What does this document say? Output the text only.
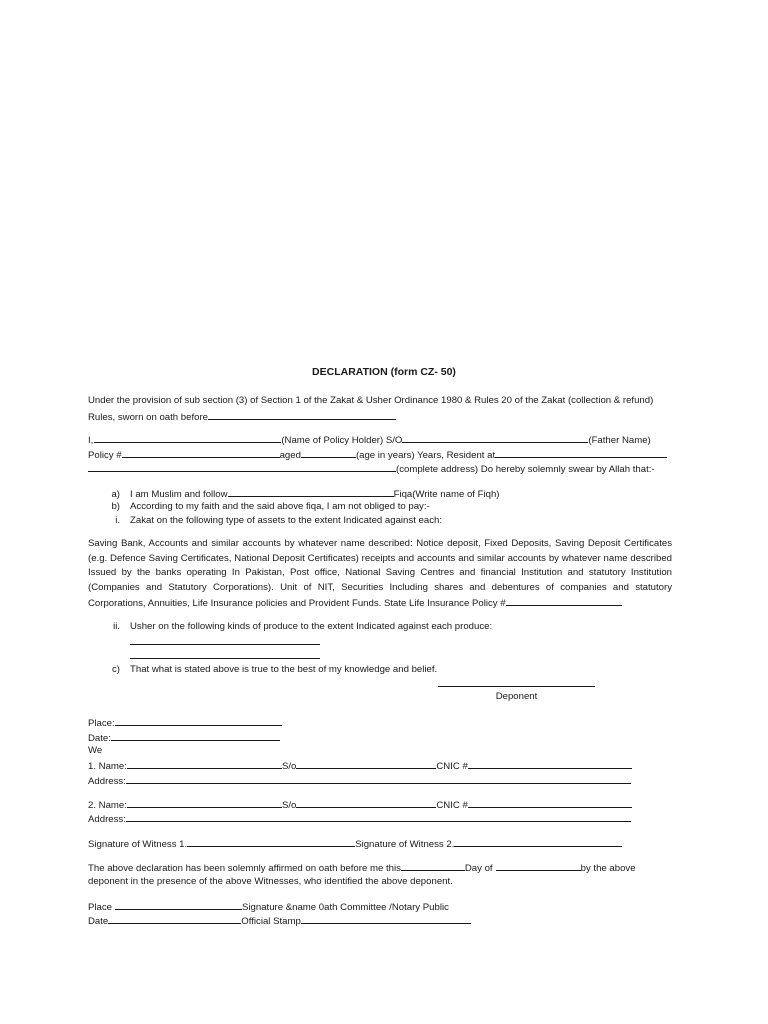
DECLARATION (form CZ- 50)
Under the provision of sub section (3) of Section 1 of the Zakat & Usher Ordinance 1980 & Rules 20 of the Zakat (collection & refund)
Rules, sworn on oath before
I,	(Name of Policy Holder) S/O	(Father Name)
Policy #	aged	(age in years) Years, Resident at
(complete address) Do hereby solemnly swear by Allah that:-
a) I am Muslim and follow	Fiqa(Write name of Fiqh)
b) According to my faith and the said above fiqa, I am not obliged to pay:-
i. Zakat on the following type of assets to the extent Indicated against each:
Saving Bank, Accounts and similar accounts by whatever name described: Notice deposit, Fixed Deposits, Saving Deposit Certificates (e.g. Defence Saving Certificates, National Deposit Certificates) receipts and accounts and similar accounts by whatever name described Issued by the banks operating In Pakistan, Post office, National Saving Centres and financial Institution and statutory Institution (Companies and Statutory Corporations). Unit of NIT, Securities Including shares and debentures of companies and statutory Corporations, Annuities, Life Insurance policies and Provident Funds. State Life Insurance Policy #
ii. Usher on the following kinds of produce to the extent Indicated against each produce:
c) That what is stated above is true to the best of my knowledge and belief.
Deponent
Place:
Date:
We
1. Name:	S/o	CNIC #
Address:
2. Name:	S/o	CNIC #
Address:
Signature of Witness 1.	Signature of Witness 2.
The above declaration has been solemnly affirmed on oath before me this	Day of	by the above
deponent in the presence of the above Witnesses, who identified the above deponent.
Place	Signature &name 0ath Committee /Notary Public
Date	Official Stamp
